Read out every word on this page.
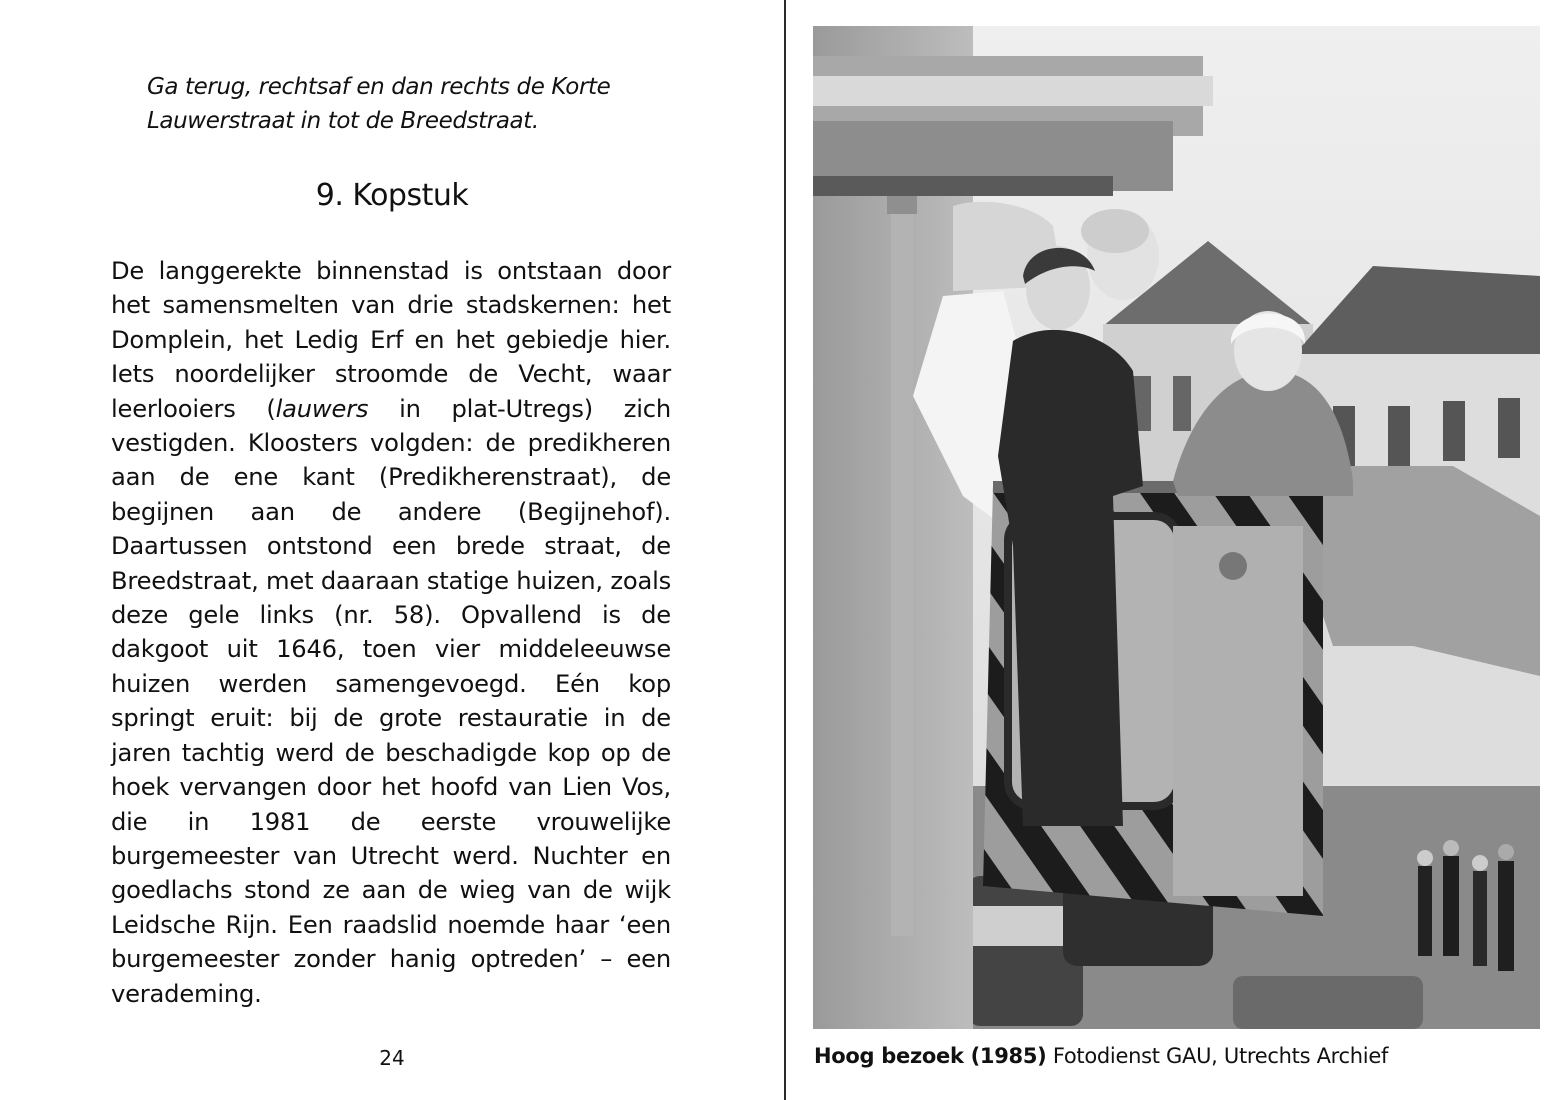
Ga terug, rechtsaf en dan rechts de Korte
Lauwerstraat in tot de Breedstraat.
9. Kopstuk
De langgerekte binnenstad is ontstaan door het samensmelten van drie stadskernen: het Domplein, het Ledig Erf en het gebiedje hier. Iets noordelijker stroomde de Vecht, waar leerlooiers (lauwers in plat-Utregs) zich vestigden. Kloosters volgden: de predikheren aan de ene kant (Predikherenstraat), de begijnen aan de andere (Begijnehof). Daartussen ontstond een brede straat, de Breedstraat, met daaraan statige huizen, zoals deze gele links (nr. 58). Opvallend is de dakgoot uit 1646, toen vier middeleeuwse huizen werden samengevoegd. Eén kop springt eruit: bij de grote restauratie in de jaren tachtig werd de beschadigde kop op de hoek vervangen door het hoofd van Lien Vos, die in 1981 de eerste vrouwelijke burgemeester van Utrecht werd. Nuchter en goedlachs stond ze aan de wieg van de wijk Leidsche Rijn. Een raadslid noemde haar ‘een burgemeester zonder hanig optreden’ – een verademing.
24	Hoog bezoek (1985) Fotodienst GAU, Utrechts Archief
